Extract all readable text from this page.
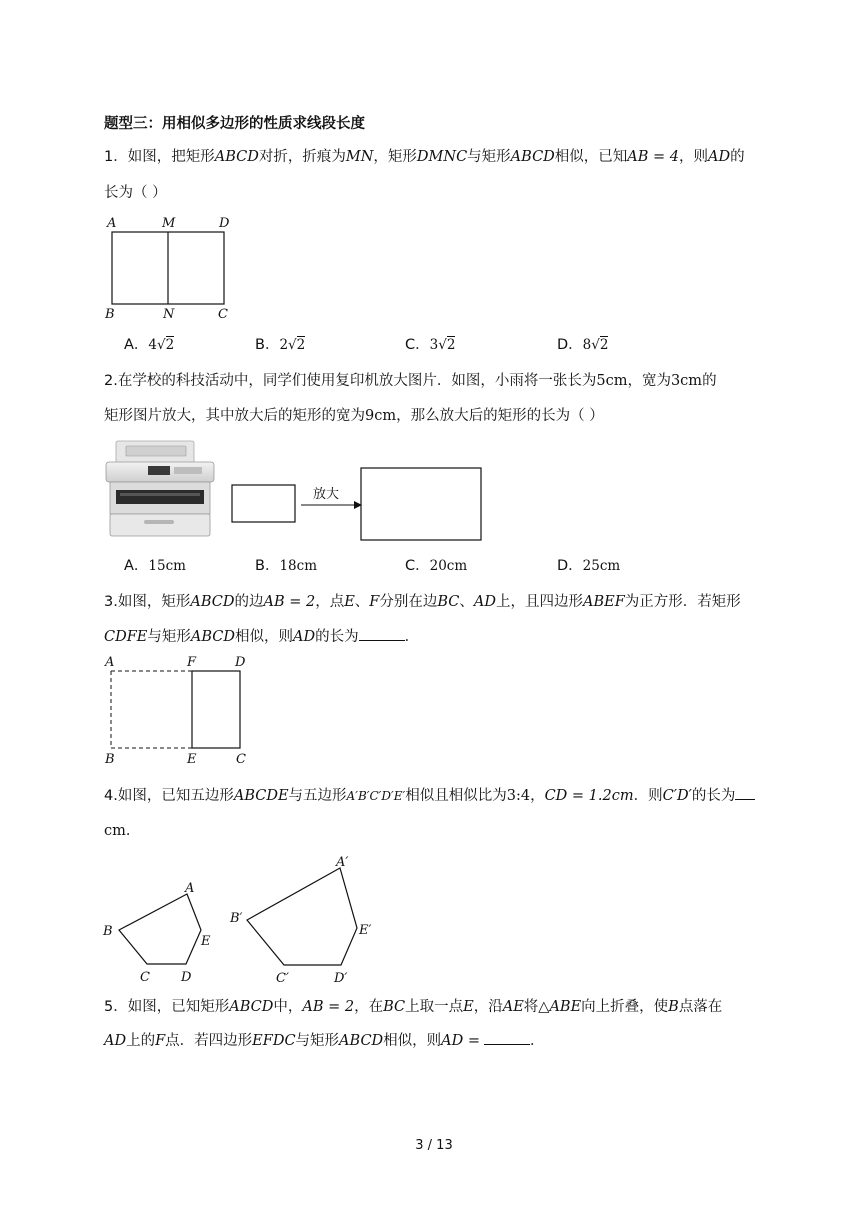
题型三：用相似多边形的性质求线段长度
1．如图，把矩形ABCD对折，折痕为MN，矩形DMNC与矩形ABCD相似，已知AB = 4，则AD的
长为（ ）
A	M	D
B	N	C
A．4√2	B．2√2	C．3√2	D．8√2
2.在学校的科技活动中，同学们使用复印机放大图片．如图，小雨将一张长为5cm，宽为3cm的
矩形图片放大，其中放大后的矩形的宽为9cm，那么放大后的矩形的长为（ ）
放大
A．15cm	B．18cm	C．20cm	D．25cm
3.如图，矩形ABCD的边AB = 2，点E、F分别在边BC、AD上，且四边形ABEF为正方形．若矩形
CDFE与矩形ABCD相似，则AD的长为	．
A	F	D
B	E	C
4.如图，已知五边形ABCDE与五边形A′B′C′D′E′相似且相似比为3:4，CD = 1.2cm．则C′D′的长为
cm．
A
B
C D
E
A′
B′
C′	D′
E′
5．如图，已知矩形ABCD中，AB = 2，在BC上取一点E，沿AE将△ABE向上折叠，使B点落在
AD上的F点．若四边形EFDC与矩形ABCD相似，则AD =	．
3 / 13
